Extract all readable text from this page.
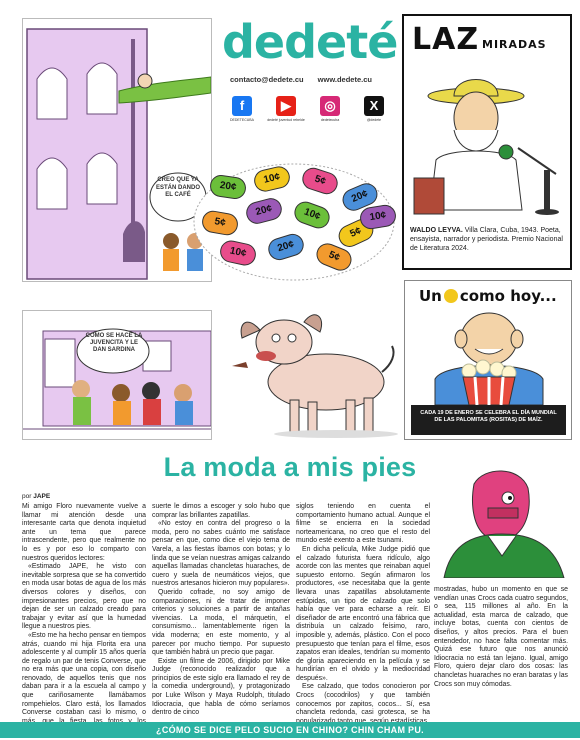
dedeté
contacto@dedete.cu www.dedete.cu
f
DEDETECUBA
▶
dedeté juventud rebelde
◎
dedetecuba
X
@dedete
CREO QUE YA ESTÁN DANDO EL CAFÉ
20¢
10¢	5¢
20¢
5¢
20¢	10¢
5¢
10¢	20¢
5¢
10¢
COMO SE HACE LA JUVENCITA Y LE DAN SARDINA
LAZ MIRADAS
WALDO LEYVA. Villa Clara, Cuba, 1943. Poeta, ensayista, narrador y periodista. Premio Nacional de Literatura 2024.
Un como hoy...
CADA 19 DE ENERO SE CELEBRA EL DÍA MUNDIAL DE LAS PALOMITAS (ROSITAS) DE MAÍZ.
La moda a mis pies
por JAPE

Mi amigo Floro nuevamente vuelve a llamar mi atención desde una interesante carta que denota inquietud ante un tema que parece intrascendente, pero que realmente no lo es y por eso lo comparto con nuestros queridos lectores:

«Estimado JAPE, he visto con inevitable sorpresa que se ha convertido en moda usar botas de agua de los más diversos colores y diseños, con impresionantes precios, pero que no dejan de ser un calzado creado para trabajar y evitar así que la humedad llegue a nuestros pies.

«Esto me ha hecho pensar en tiempos atrás, cuando mi hija Florita era una adolescente y al cumplir 15 años quería de regalo un par de tenis Converse, que no era más que una copia, con diseño renovado, de aquellos tenis que nos daban para ir a la escuela al campo y que cariñosamente llamábamos rompehielos. Claro está, los llamados Converse costaban casi lo mismo, o

suerte le dimos a escoger y solo hubo que comprar las brillantes zapatillas.

«No estoy en contra del progreso o la moda, pero no sabes cuánto me satisface pensar en que, como dice el viejo tema de Varela, a las fiestas íbamos con botas; y lo linda que se veían nuestras amigas calzando aquellas llamadas chancletas huaraches, de cuero y suela de neumáticos viejos, que nuestros artesanos hicieron muy populares».

Querido cofrade, no soy amigo de comparaciones, ni de tratar de imponer criterios y soluciones a partir de antañas vivencias. La moda, el márquetin, el consumismo... lamentablemente rigen la vida moderna; en este momento, y al parecer por mucho tiempo. Por supuesto que también habrá un precio que pagar.

Existe un filme de 2006, dirigido por Mike Judge (reconocido realizador que a principios de este siglo era llamado el rey de la comedia underground), y protagonizado por Luke Wilson y Maya Rudolph, titulado Idiocracia, que habla de cómo seríamos dentro de cinco

siglos teniendo en cuenta el comportamiento humano actual. Aunque el filme se encierra en la sociedad norteamericana, no creo que el resto del mundo esté exento a este tsunami.

En dicha película, Mike Judge pidió que el calzado futurista fuera ridículo, algo acorde con las mentes que reinaban aquel supuesto entorno. Según afirmaron los productores, «se necesitaba que la gente llevara unas zapatillas absolutamente estúpidas, un tipo de calzado que solo había que ver para echarse a reír. El diseñador de arte encontró una fábrica que distribuía un calzado feísimo, raro, imposible y, además, plástico. Con el poco presupuesto que tenían para el filme, esos zapatos eran ideales, tendrían su momento de gloria apareciendo en la película y se hundirían en el olvido y la mediocridad después».

Ese calzado, que todos conocieron por Crocs (cocodrilos) y que también conocemos por zapitos, cocos... Sí, esa chancleta redonda, casi grotesca, se ha

mostradas, hubo un momento en que se vendían unas Crocs cada cuatro segundos, o sea, 115 millones al año. En la actualidad, esta marca de calzado, que incluye botas, cuenta con cientos de diseños, y altos precios. Para el buen entendedor, no hace falta comentar más. Quizá ese futuro que nos anunció Idiocracia no está tan lejano. Igual, amigo Floro, quiero dejar claro dos cosas: las chancletas huaraches no eran baratas y las Crocs son muy cómodas.

¿CÓMO SE DICE PELO SUCIO EN CHINO? CHIN CHAM PU.
